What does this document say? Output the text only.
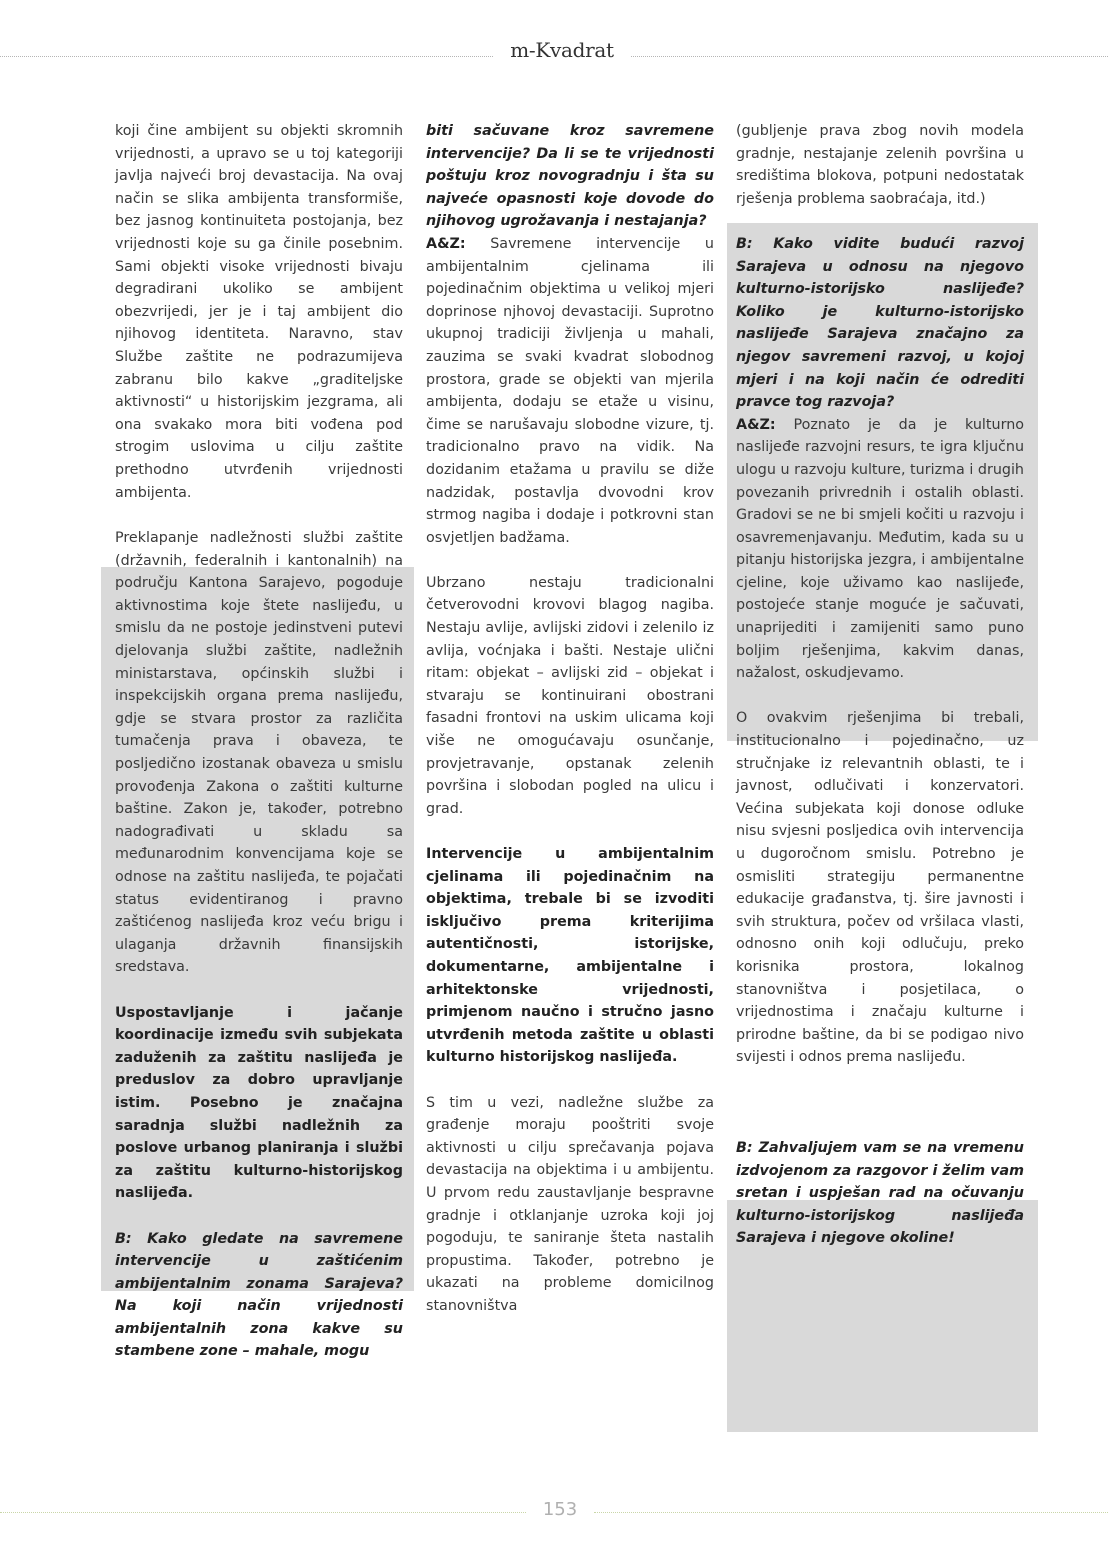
m-Kvadrat

koji čine ambijent su objekti skromnih vrijednosti, a upravo se u toj kategoriji javlja najveći broj devastacija. Na ovaj način se slika ambijenta transformiše, bez jasnog kontinuiteta postojanja, bez vrijednosti koje su ga činile posebnim. Sami objekti visoke vrijednosti bivaju degradirani ukoliko se ambijent obezvrijedi, jer je i taj ambijent dio njihovog identiteta. Naravno, stav Službe zaštite ne podrazumijeva zabranu bilo kakve „graditeljske aktivnosti“ u historijskim jezgrama, ali ona svakako mora biti vođena pod strogim uslovima u cilju zaštite prethodno utvrđenih vrijednosti ambijenta.

Preklapanje nadležnosti službi zaštite (državnih, federalnih i kantonalnih) na području Kantona Sarajevo, pogoduje aktivnostima koje štete naslijeđu, u smislu da ne postoje jedinstveni putevi djelovanja službi zaštite, nadležnih ministarstava, općinskih službi i inspekcijskih organa prema naslijeđu, gdje se stvara prostor za različita tumačenja prava i obaveza, te posljedično izostanak obaveza u smislu provođenja Zakona o zaštiti kulturne baštine. Zakon je, također, potrebno nadograđivati u skladu sa međunarodnim konvencijama koje se odnose na zaštitu naslijeđa, te pojačati status evidentiranog i pravno zaštićenog naslijeđa kroz veću brigu i ulaganja državnih finansijskih sredstava.

Uspostavljanje i jačanje koordinacije između svih subjekata zaduženih za zaštitu naslijeđa je preduslov za dobro upravljanje istim. Posebno je značajna saradnja službi nadležnih za poslove urbanog planiranja i službi za zaštitu kulturno-historijskog naslijeđa.

B: Kako gledate na savremene intervencije u zaštićenim ambijentalnim zonama Sarajeva? Na koji način vrijednosti ambijentalnih zona kakve su stambene zone – mahale, mogu

biti sačuvane kroz savremene intervencije? Da li se te vrijednosti poštuju kroz novogradnju i šta su najveće opasnosti koje dovode do njihovog ugrožavanja i nestajanja?

A&Z: Savremene intervencije u ambijentalnim cjelinama ili pojedinačnim objektima u velikoj mjeri doprinose njhovoj devastaciji. Suprotno ukupnoj tradiciji življenja u mahali, zauzima se svaki kvadrat slobodnog prostora, grade se objekti van mjerila ambijenta, dodaju se etaže u visinu, čime se narušavaju slobodne vizure, tj. tradicionalno pravo na vidik. Na dozidanim etažama u pravilu se diže nadzidak, postavlja dvovodni krov strmog nagiba i dodaje i potkrovni stan osvjetljen badžama.

Ubrzano nestaju tradicionalni četverovodni krovovi blagog nagiba. Nestaju avlije, avlijski zidovi i zelenilo iz avlija, voćnjaka i bašti. Nestaje ulični ritam: objekat – avlijski zid – objekat i stvaraju se kontinuirani obostrani fasadni frontovi na uskim ulicama koji više ne omogućavaju osunčanje, provjetravanje, opstanak zelenih površina i slobodan pogled na ulicu i grad.

Intervencije u ambijentalnim cjelinama ili pojedinačnim na objektima, trebale bi se izvoditi isključivo prema kriterijima autentičnosti, istorijske, dokumentarne, ambijentalne i arhitektonske vrijednosti, primjenom naučno i stručno jasno utvrđenih metoda zaštite u oblasti kulturno historijskog naslijeđa.

S tim u vezi, nadležne službe za građenje moraju pooštriti svoje aktivnosti u cilju sprečavanja pojava devastacija na objektima i u ambijentu. U prvom redu zaustavljanje bespravne gradnje i otklanjanje uzroka koji joj pogoduju, te saniranje šteta nastalih propustima. Također, potrebno je ukazati na probleme domicilnog stanovništva

(gubljenje prava zbog novih modela gradnje, nestajanje zelenih površina u središtima blokova, potpuni nedostatak rješenja problema saobraćaja, itd.)

B: Kako vidite budući razvoj Sarajeva u odnosu na njegovo kulturno-istorijsko naslijeđe? Koliko je kulturno-istorijsko naslijeđe Sarajeva značajno za njegov savremeni razvoj, u kojoj mjeri i na koji način će odrediti pravce tog razvoja?

A&Z: Poznato je da je kulturno naslijeđe razvojni resurs, te igra ključnu ulogu u razvoju kulture, turizma i drugih povezanih privrednih i ostalih oblasti. Gradovi se ne bi smjeli kočiti u razvoju i osavremenjavanju. Međutim, kada su u pitanju historijska jezgra, i ambijentalne cjeline, koje uživamo kao naslijeđe, postojeće stanje moguće je sačuvati, unaprijediti i zamijeniti samo puno boljim rješenjima, kakvim danas, nažalost, oskudjevamo.

O ovakvim rješenjima bi trebali, institucionalno i pojedinačno, uz stručnjake iz relevantnih oblasti, te i javnost, odlučivati i konzervatori. Većina subjekata koji donose odluke nisu svjesni posljedica ovih intervencija u dugoročnom smislu. Potrebno je osmisliti strategiju permanentne edukacije građanstva, tj. šire javnosti i svih struktura, počev od vršilaca vlasti, odnosno onih koji odlučuju, preko korisnika prostora, lokalnog stanovništva i posjetilaca, o vrijednostima i značaju kulturne i prirodne baštine, da bi se podigao nivo svijesti i odnos prema naslijeđu.

B: Zahvaljujem vam se na vremenu izdvojenom za razgovor i želim vam sretan i uspješan rad na očuvanju kulturno-istorijskog naslijeđa Sarajeva i njegove okoline!

153
